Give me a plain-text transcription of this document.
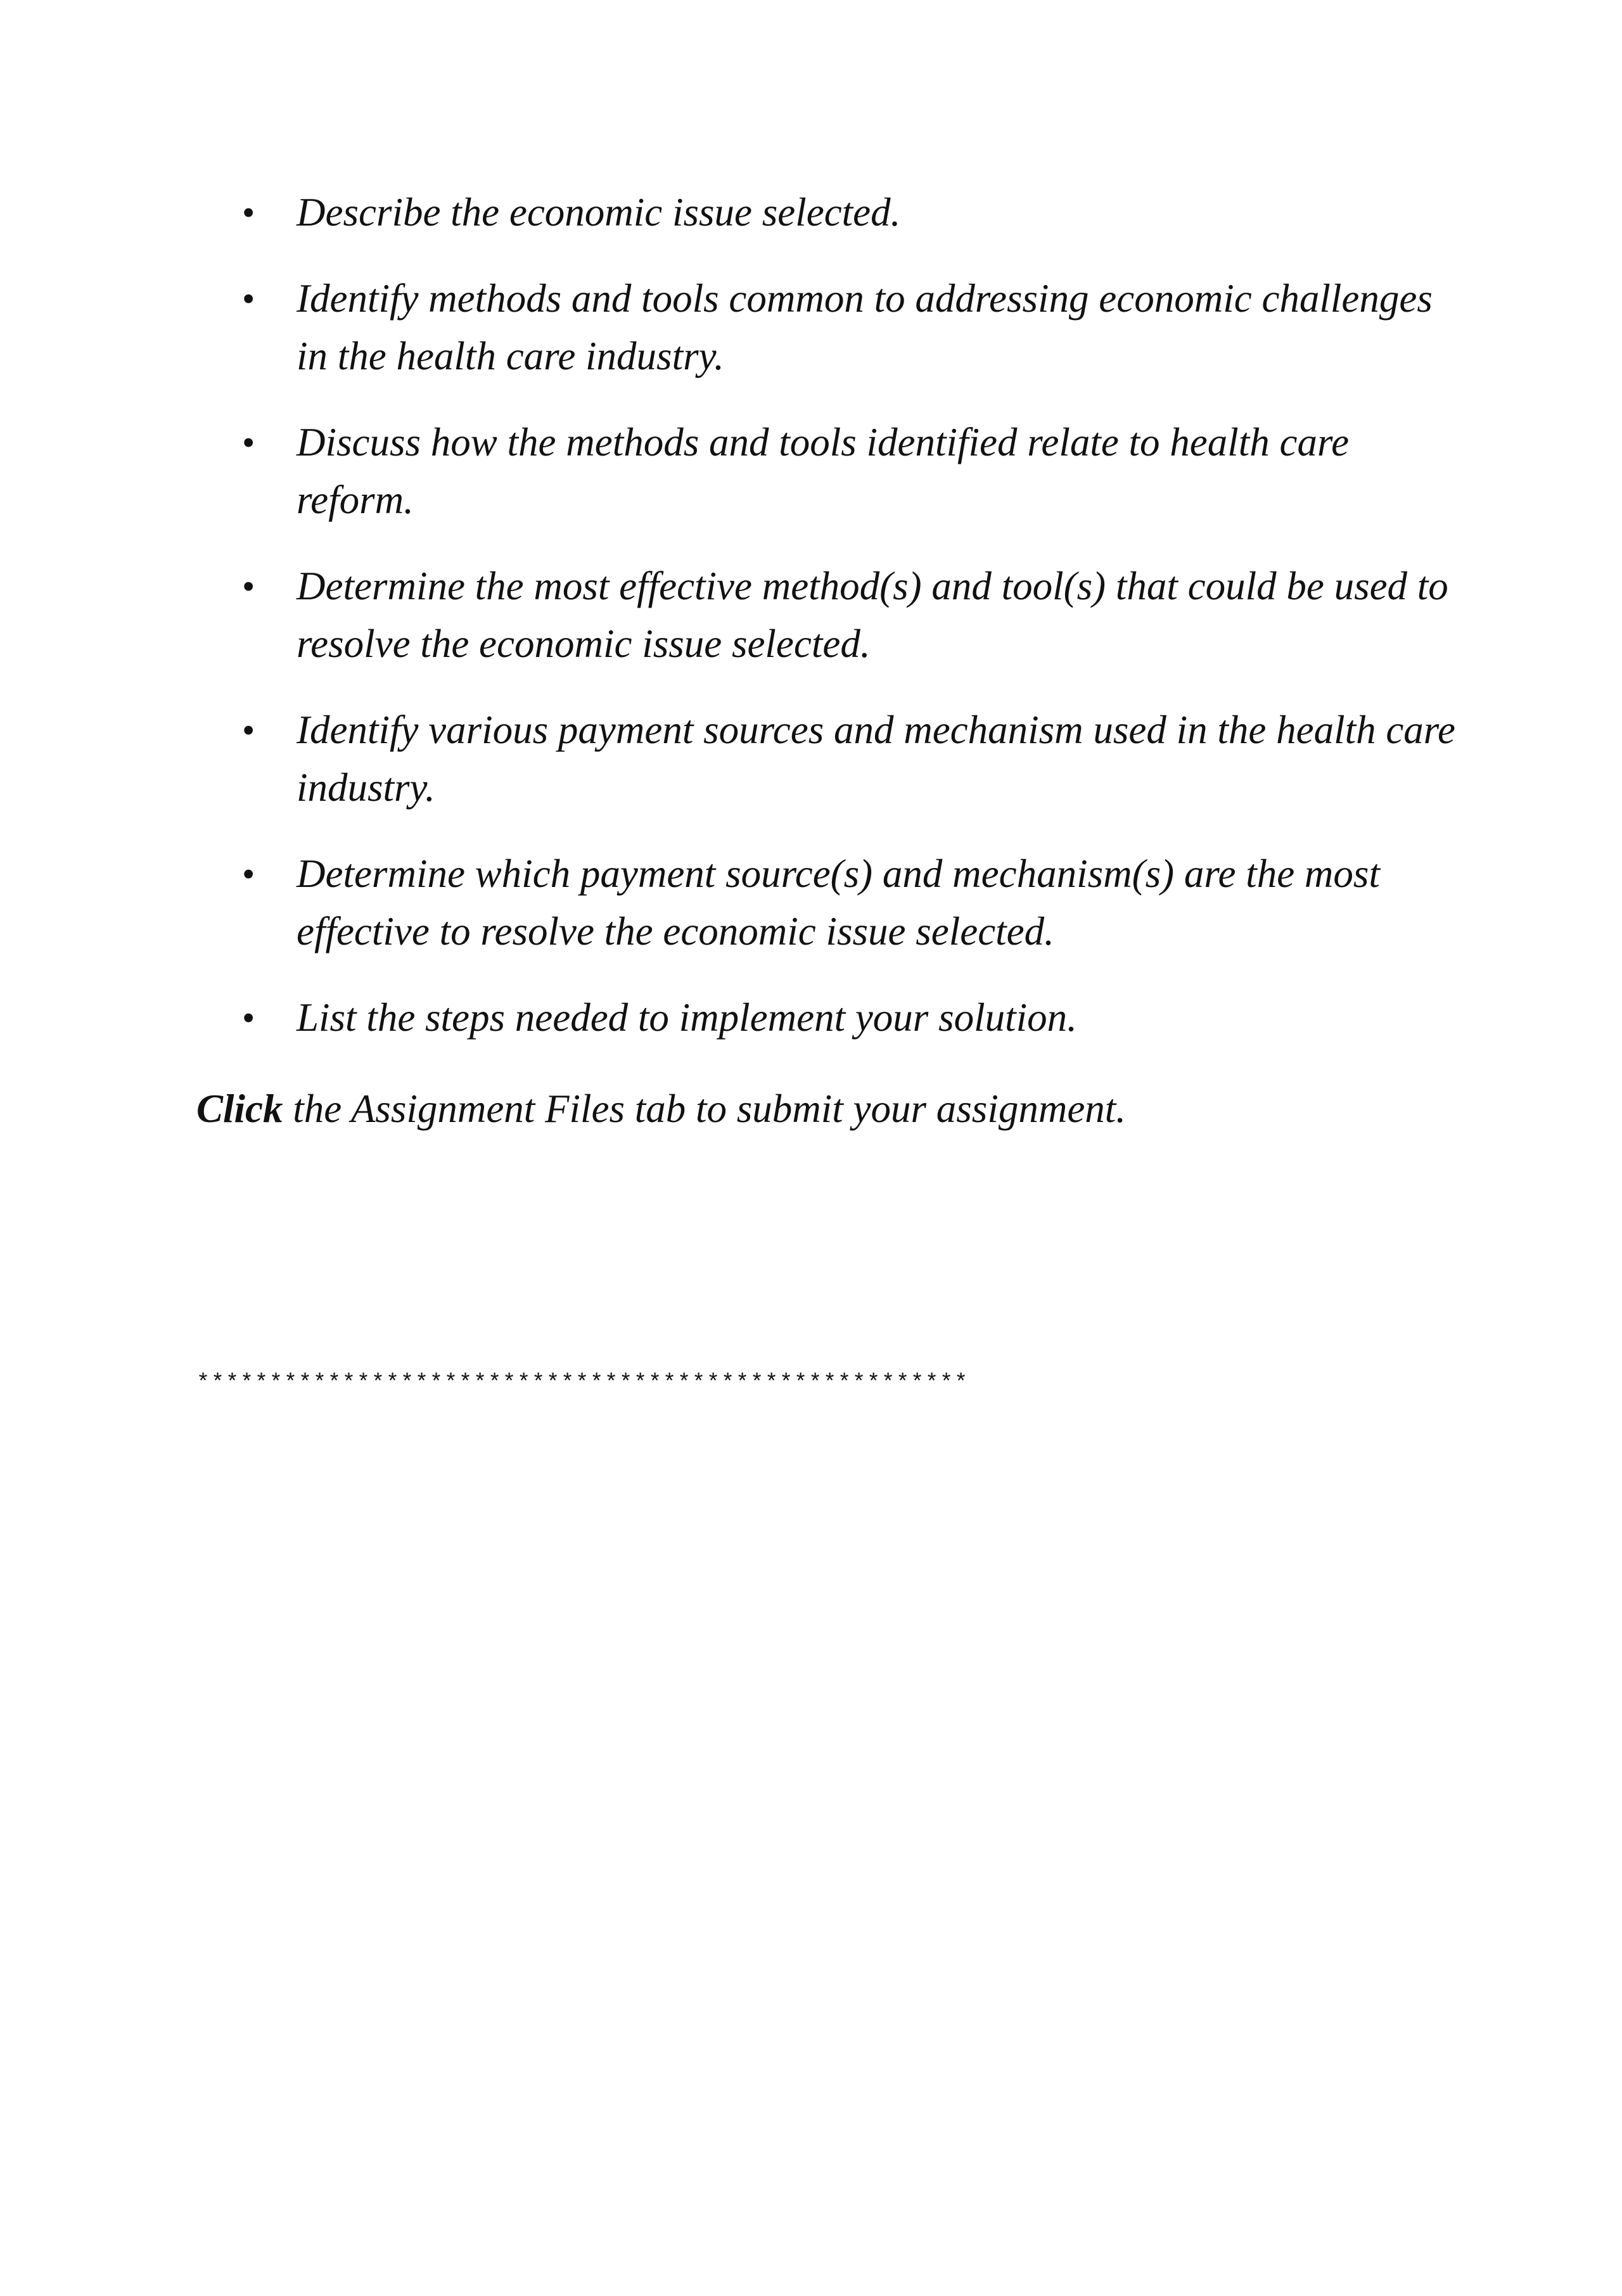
• Describe the economic issue selected.
• Identify methods and tools common to addressing economic challenges in the health care industry.
• Discuss how the methods and tools identified relate to health care reform.
• Determine the most effective method(s) and tool(s) that could be used to resolve the economic issue selected.
• Identify various payment sources and mechanism used in the health care industry.
• Determine which payment source(s) and mechanism(s) are the most effective to resolve the economic issue selected.
• List the steps needed to implement your solution.

Click the Assignment Files tab to submit your assignment.

*****************************************************
